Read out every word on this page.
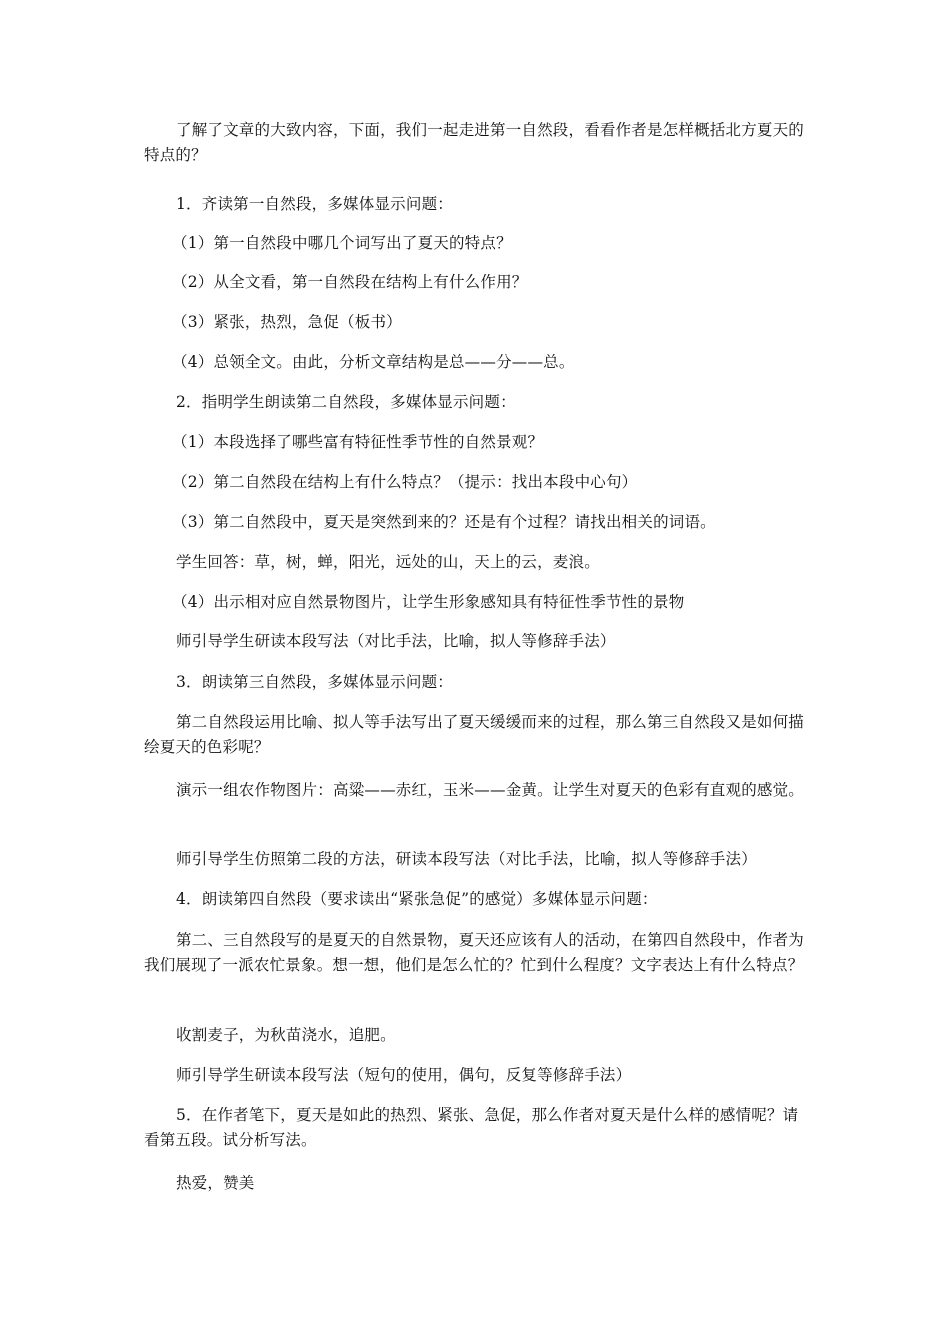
了解了文章的大致内容，下面，我们一起走进第一自然段，看看作者是怎样概括北方夏天的特点的？
1．齐读第一自然段，多媒体显示问题：
（1）第一自然段中哪几个词写出了夏天的特点？
（2）从全文看，第一自然段在结构上有什么作用？
（3）紧张，热烈，急促（板书）
（4）总领全文。由此，分析文章结构是总——分——总。
2．指明学生朗读第二自然段，多媒体显示问题：
（1）本段选择了哪些富有特征性季节性的自然景观？
（2）第二自然段在结构上有什么特点？（提示：找出本段中心句）
（3）第二自然段中，夏天是突然到来的？还是有个过程？请找出相关的词语。
学生回答：草，树，蝉，阳光，远处的山，天上的云，麦浪。
（4）出示相对应自然景物图片，让学生形象感知具有特征性季节性的景物
师引导学生研读本段写法（对比手法，比喻，拟人等修辞手法）
3．朗读第三自然段，多媒体显示问题：
第二自然段运用比喻、拟人等手法写出了夏天缓缓而来的过程，那么第三自然段又是如何描绘夏天的色彩呢？
演示一组农作物图片：高粱——赤红，玉米——金黄。让学生对夏天的色彩有直观的感觉。
师引导学生仿照第二段的方法，研读本段写法（对比手法，比喻，拟人等修辞手法）
4．朗读第四自然段（要求读出“紧张急促”的感觉）多媒体显示问题：
第二、三自然段写的是夏天的自然景物，夏天还应该有人的活动，在第四自然段中，作者为我们展现了一派农忙景象。想一想，他们是怎么忙的？忙到什么程度？文字表达上有什么特点？
收割麦子，为秋苗浇水，追肥。
师引导学生研读本段写法（短句的使用，偶句，反复等修辞手法）
5．在作者笔下，夏天是如此的热烈、紧张、急促，那么作者对夏天是什么样的感情呢？请看第五段。试分析写法。
热爱，赞美
